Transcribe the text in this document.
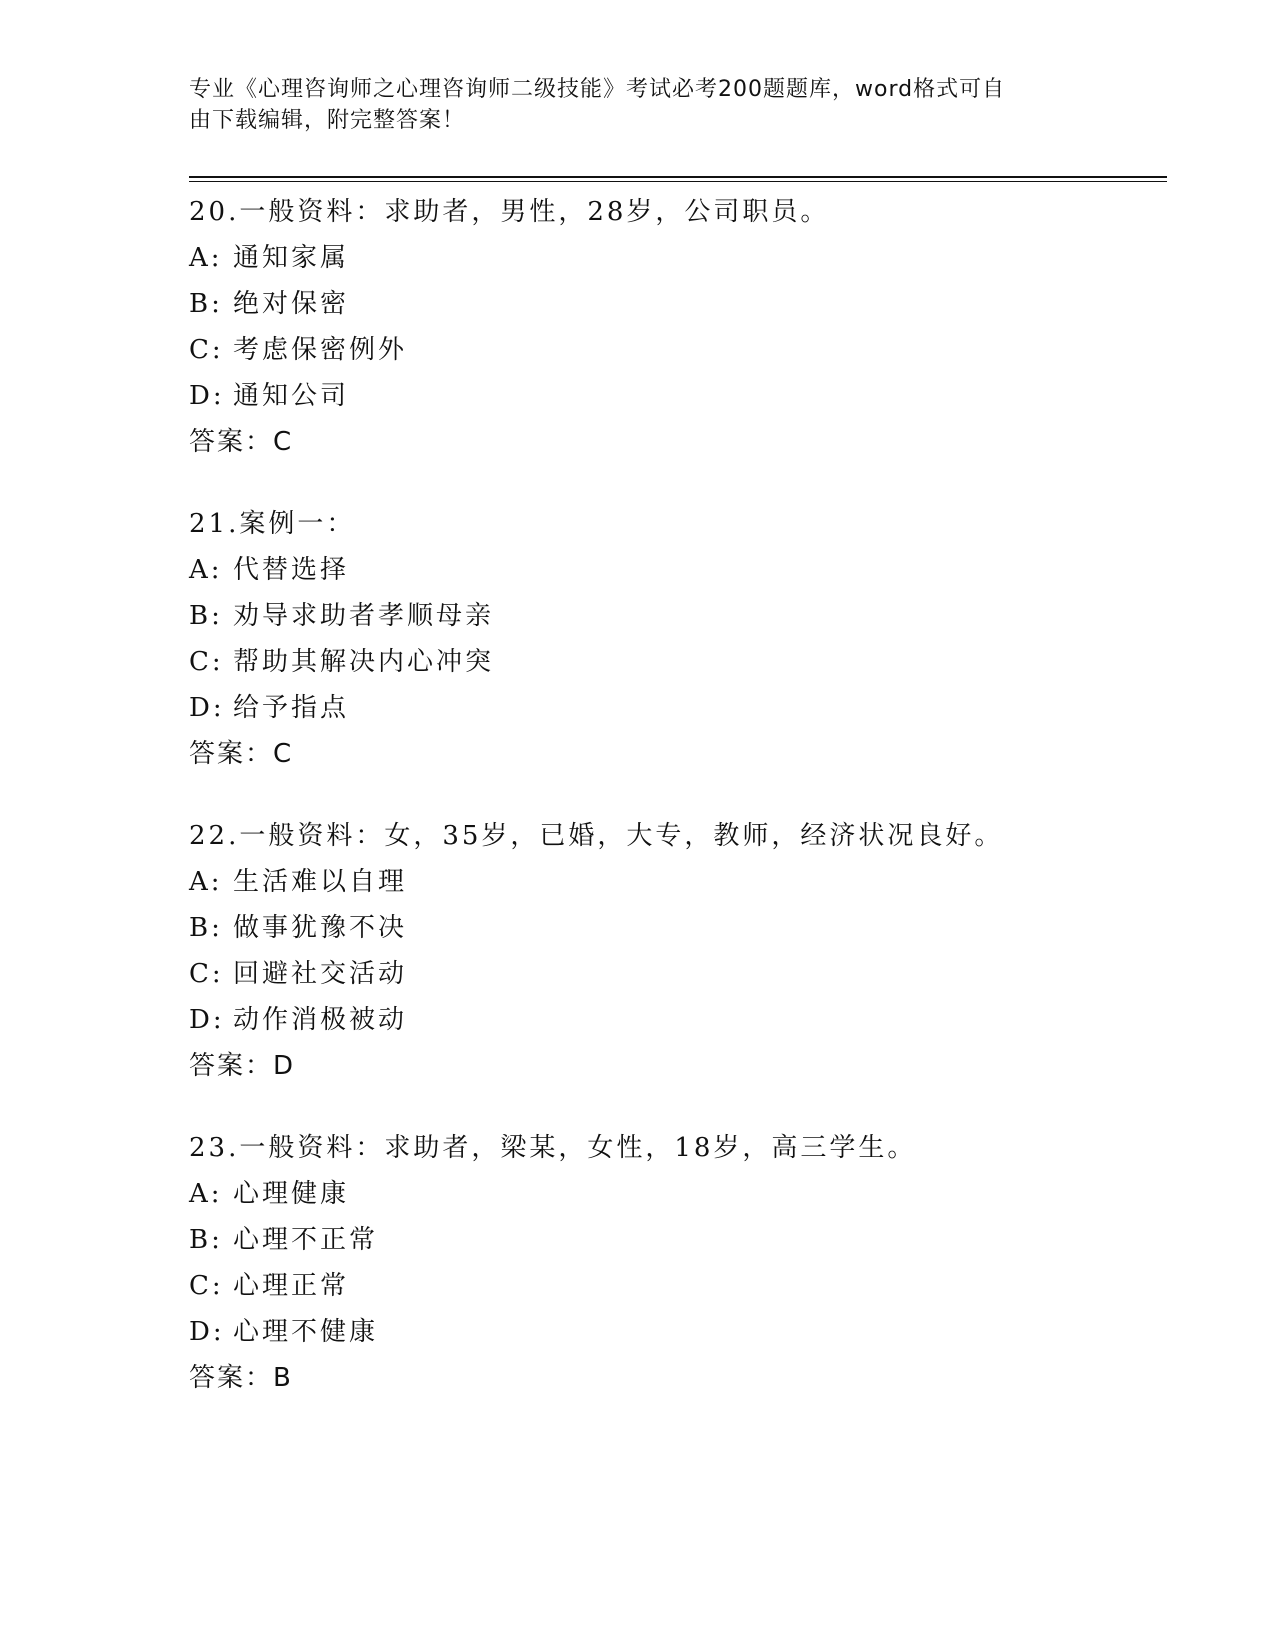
专业《心理咨询师之心理咨询师二级技能》考试必考200题题库，word格式可自
由下载编辑，附完整答案！
20.一般资料：求助者，男性，28岁，公司职员。
A: 通知家属
B: 绝对保密
C: 考虑保密例外
D: 通知公司
答案：C
21.案例一：
A: 代替选择
B: 劝导求助者孝顺母亲
C: 帮助其解决内心冲突
D: 给予指点
答案：C
22.一般资料：女，35岁，已婚，大专，教师，经济状况良好。
A: 生活难以自理
B: 做事犹豫不决
C: 回避社交活动
D: 动作消极被动
答案：D
23.一般资料：求助者，梁某，女性，18岁，高三学生。
A: 心理健康
B: 心理不正常
C: 心理正常
D: 心理不健康
答案：B
